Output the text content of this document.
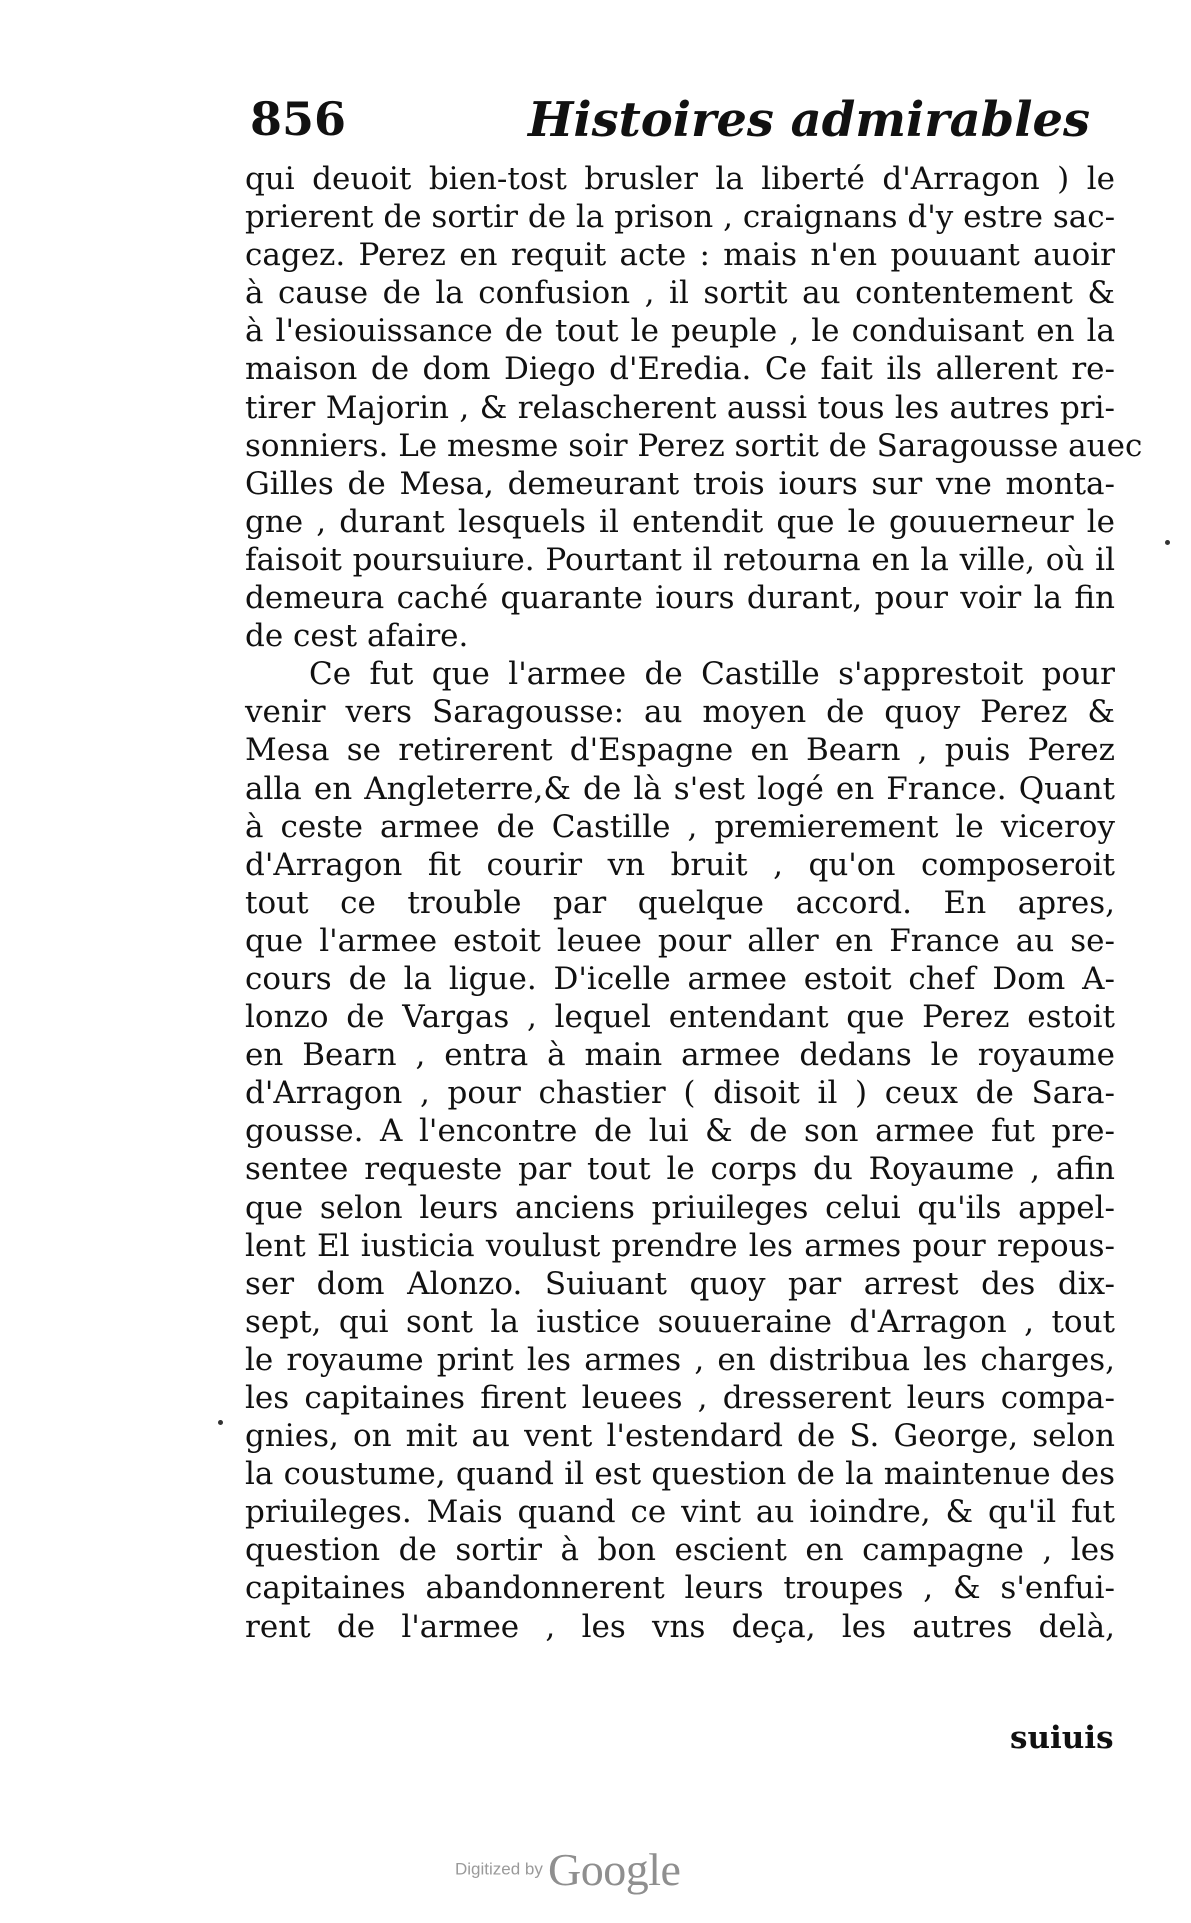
856	Histoires admirables
qui deuoit bien-tost brusler la liberté d'Arragon ) le
prierent de sortir de la prison , craignans d'y estre sac-
cagez. Perez en requit acte : mais n'en pouuant auoir
à cause de la confusion , il sortit au contentement &
à l'esiouissance de tout le peuple , le conduisant en la
maison de dom Diego d'Eredia. Ce fait ils allerent re-
tirer Majorin , & relascherent aussi tous les autres pri-
sonniers. Le mesme soir Perez sortit de Saragousse auec
Gilles de Mesa, demeurant trois iours sur vne monta-
gne , durant lesquels il entendit que le gouuerneur le
faisoit poursuiure. Pourtant il retourna en la ville, où il
demeura caché quarante iours durant, pour voir la fin
de cest afaire.
Ce fut que l'armee de Castille s'apprestoit pour
venir vers Saragousse: au moyen de quoy Perez &
Mesa se retirerent d'Espagne en Bearn , puis Perez
alla en Angleterre,& de là s'est logé en France. Quant
à ceste armee de Castille , premierement le viceroy
d'Arragon fit courir vn bruit , qu'on composeroit
tout ce trouble par quelque accord. En apres,
que l'armee estoit leuee pour aller en France au se-
cours de la ligue. D'icelle armee estoit chef Dom A-
lonzo de Vargas , lequel entendant que Perez estoit
en Bearn , entra à main armee dedans le royaume
d'Arragon , pour chastier ( disoit il ) ceux de Sara-
gousse. A l'encontre de lui & de son armee fut pre-
sentee requeste par tout le corps du Royaume , afin
que selon leurs anciens priuileges celui qu'ils appel-
lent El iusticia voulust prendre les armes pour repous-
ser dom Alonzo. Suiuant quoy par arrest des dix-
sept, qui sont la iustice souueraine d'Arragon , tout
le royaume print les armes , en distribua les charges,
les capitaines firent leuees , dresserent leurs compa-
gnies, on mit au vent l'estendard de S. George, selon
la coustume, quand il est question de la maintenue des
priuileges. Mais quand ce vint au ioindre, & qu'il fut
question de sortir à bon escient en campagne , les
capitaines abandonnerent leurs troupes , & s'enfui-
rent de l'armee , les vns deça, les autres delà,
suiuis
Digitized by Google
